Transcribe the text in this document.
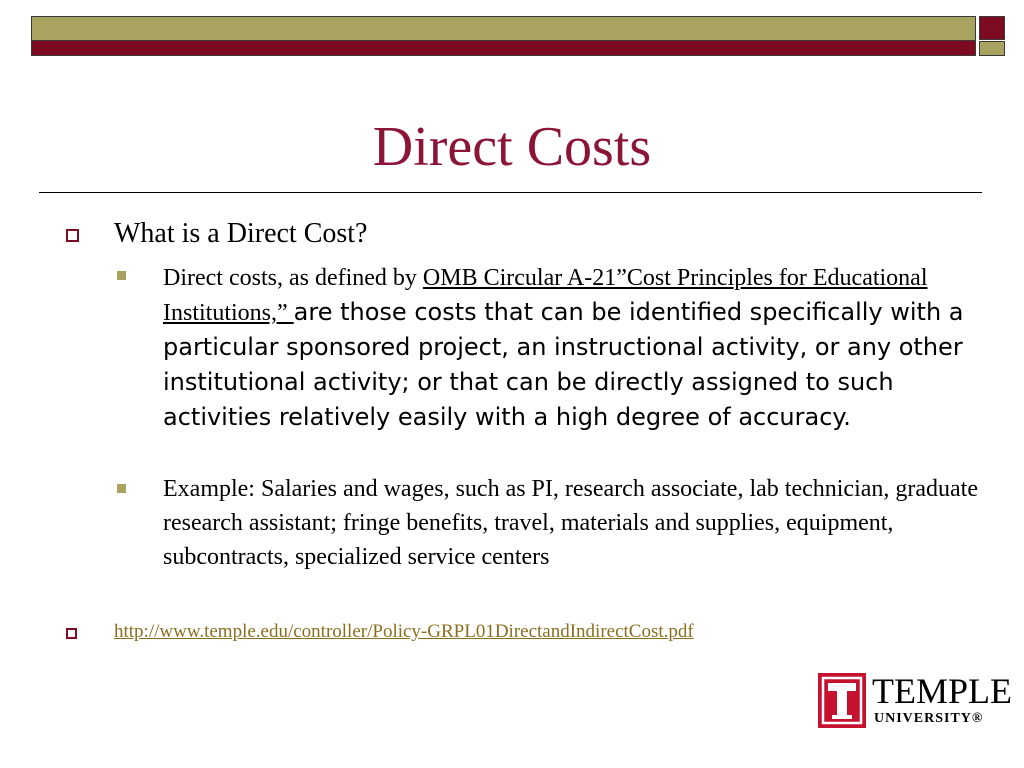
Direct Costs
What is a Direct Cost?
Direct costs, as defined by OMB Circular A-21”Cost Principles for Educational Institutions,” are those costs that can be identified specifically with a particular sponsored project, an instructional activity, or any other institutional activity; or that can be directly assigned to such activities relatively easily with a high degree of accuracy.
Example: Salaries and wages, such as PI, research associate, lab technician, graduate research assistant; fringe benefits, travel, materials and supplies, equipment, subcontracts, specialized service centers
http://www.temple.edu/controller/Policy-GRPL01DirectandIndirectCost.pdf
TEMPLE
UNIVERSITY®
